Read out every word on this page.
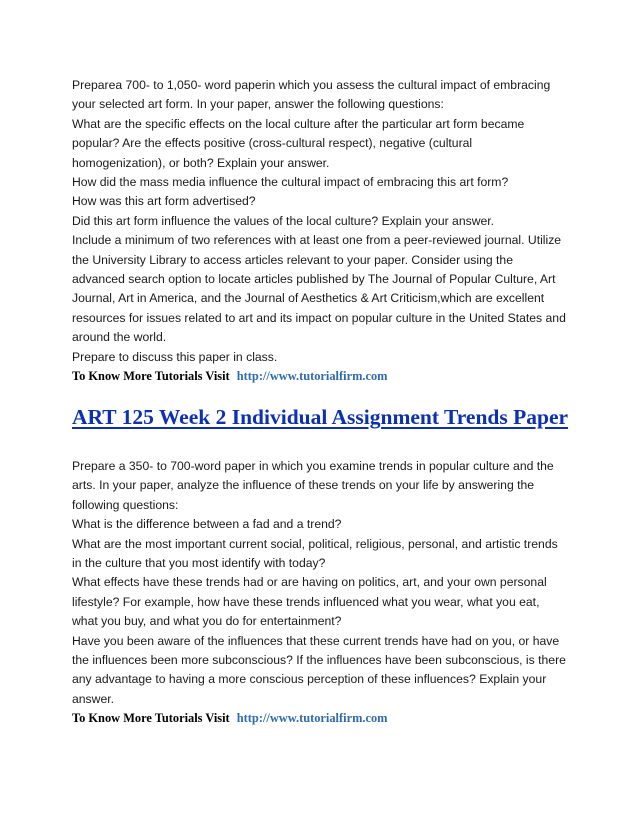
Preparea 700- to 1,050- word paperin which you assess the cultural impact of embracing

your selected art form. In your paper, answer the following questions:

What are the specific effects on the local culture after the particular art form became

popular? Are the effects positive (cross-cultural respect), negative (cultural

homogenization), or both? Explain your answer.

How did the mass media influence the cultural impact of embracing this art form?

How was this art form advertised?

Did this art form influence the values of the local culture? Explain your answer.

Include a minimum of two references with at least one from a peer-reviewed journal. Utilize

the University Library to access articles relevant to your paper. Consider using the

advanced search option to locate articles published by The Journal of Popular Culture, Art

Journal, Art in America, and the Journal of Aesthetics & Art Criticism,which are excellent

resources for issues related to art and its impact on popular culture in the United States and

around the world.

Prepare to discuss this paper in class.

To Know More Tutorials Visit http://www.tutorialfirm.com

ART 125 Week 2 Individual Assignment Trends Paper

Prepare a 350- to 700-word paper in which you examine trends in popular culture and the

arts. In your paper, analyze the influence of these trends on your life by answering the

following questions:

What is the difference between a fad and a trend?

What are the most important current social, political, religious, personal, and artistic trends

in the culture that you most identify with today?

What effects have these trends had or are having on politics, art, and your own personal

lifestyle? For example, how have these trends influenced what you wear, what you eat,

what you buy, and what you do for entertainment?

Have you been aware of the influences that these current trends have had on you, or have

the influences been more subconscious? If the influences have been subconscious, is there

any advantage to having a more conscious perception of these influences? Explain your

answer.

To Know More Tutorials Visit http://www.tutorialfirm.com
